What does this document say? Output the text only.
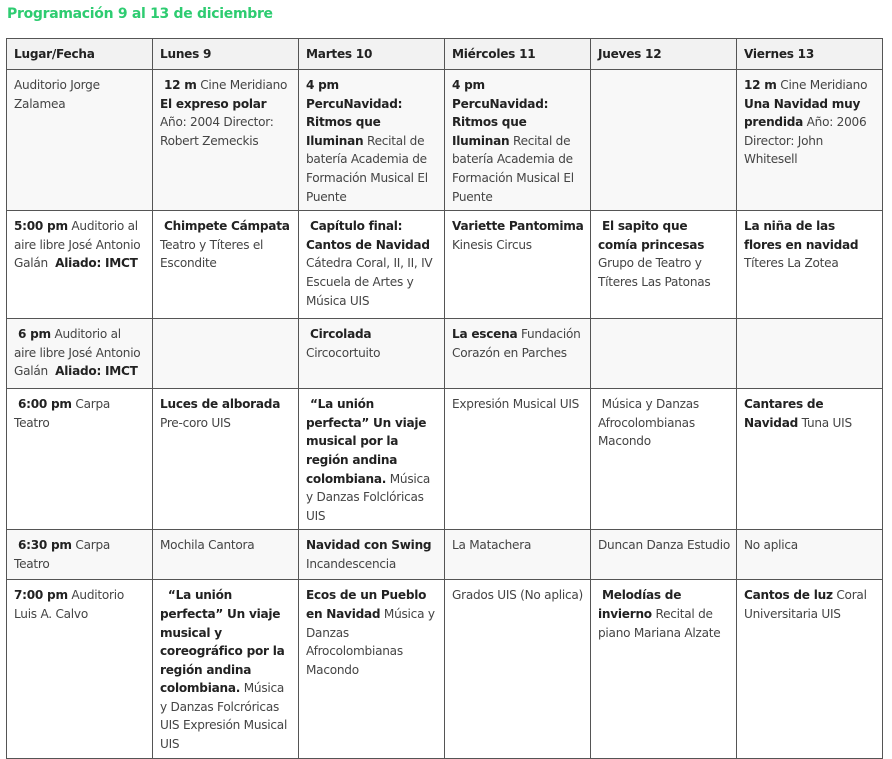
Programación 9 al 13 de diciembre
Lugar/Fecha	Lunes 9	Martes 10	Miércoles 11	Jueves 12	Viernes 13
Auditorio Jorge Zalamea	12 m Cine Meridiano El expreso polar Año: 2004 Director: Robert Zemeckis	4 pm PercuNavidad: Ritmos que Iluminan Recital de batería Academia de Formación Musical El Puente	4 pm PercuNavidad: Ritmos que Iluminan Recital de batería Academia de Formación Musical El Puente		12 m Cine Meridiano Una Navidad muy prendida Año: 2006 Director: John Whitesell
5:00 pm Auditorio al aire libre José Antonio Galán  Aliado: IMCT	Chimpete Cámpata Teatro y Títeres el Escondite	Capítulo final: Cantos de Navidad Cátedra Coral, II, II, IV Escuela de Artes y Música UIS	Variette Pantomima Kinesis Circus	El sapito que comía princesas Grupo de Teatro y Títeres Las Patonas	La niña de las flores en navidad Títeres La Zotea
6 pm Auditorio al aire libre José Antonio Galán  Aliado: IMCT		Circolada Circocortuito	La escena Fundación Corazón en Parches		
6:00 pm Carpa Teatro	Luces de alborada Pre-coro UIS	“La unión perfecta” Un viaje musical por la región andina colombiana. Música y Danzas Folclóricas UIS	Expresión Musical UIS	Música y Danzas Afrocolombianas Macondo	Cantares de Navidad Tuna UIS
6:30 pm Carpa Teatro	Mochila Cantora	Navidad con Swing Incandescencia	La Matachera	Duncan Danza Estudio	No aplica
7:00 pm Auditorio Luis A. Calvo	“La unión perfecta” Un viaje musical y coreográfico por la región andina colombiana. Música y Danzas Folcróricas UIS Expresión Musical UIS	Ecos de un Pueblo en Navidad Música y Danzas Afrocolombianas Macondo	Grados UIS (No aplica)	Melodías de invierno Recital de piano Mariana Alzate	Cantos de luz Coral Universitaria UIS
